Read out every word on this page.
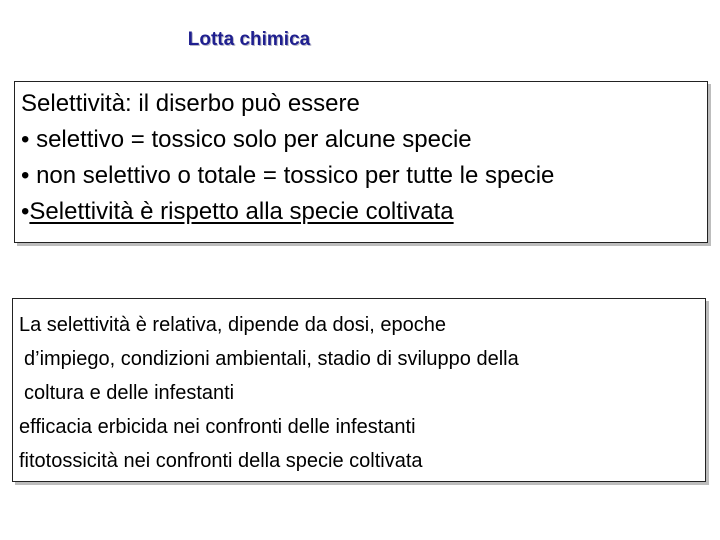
Lotta chimica
Selettività: il diserbo può essere
• selettivo = tossico solo per alcune specie
• non selettivo o totale = tossico per tutte le specie
•Selettività è rispetto alla specie coltivata
La selettività è relativa, dipende da dosi, epoche
d’impiego, condizioni ambientali, stadio di sviluppo della
coltura e delle infestanti
efficacia erbicida nei confronti delle infestanti
fitotossicità nei confronti della specie coltivata
